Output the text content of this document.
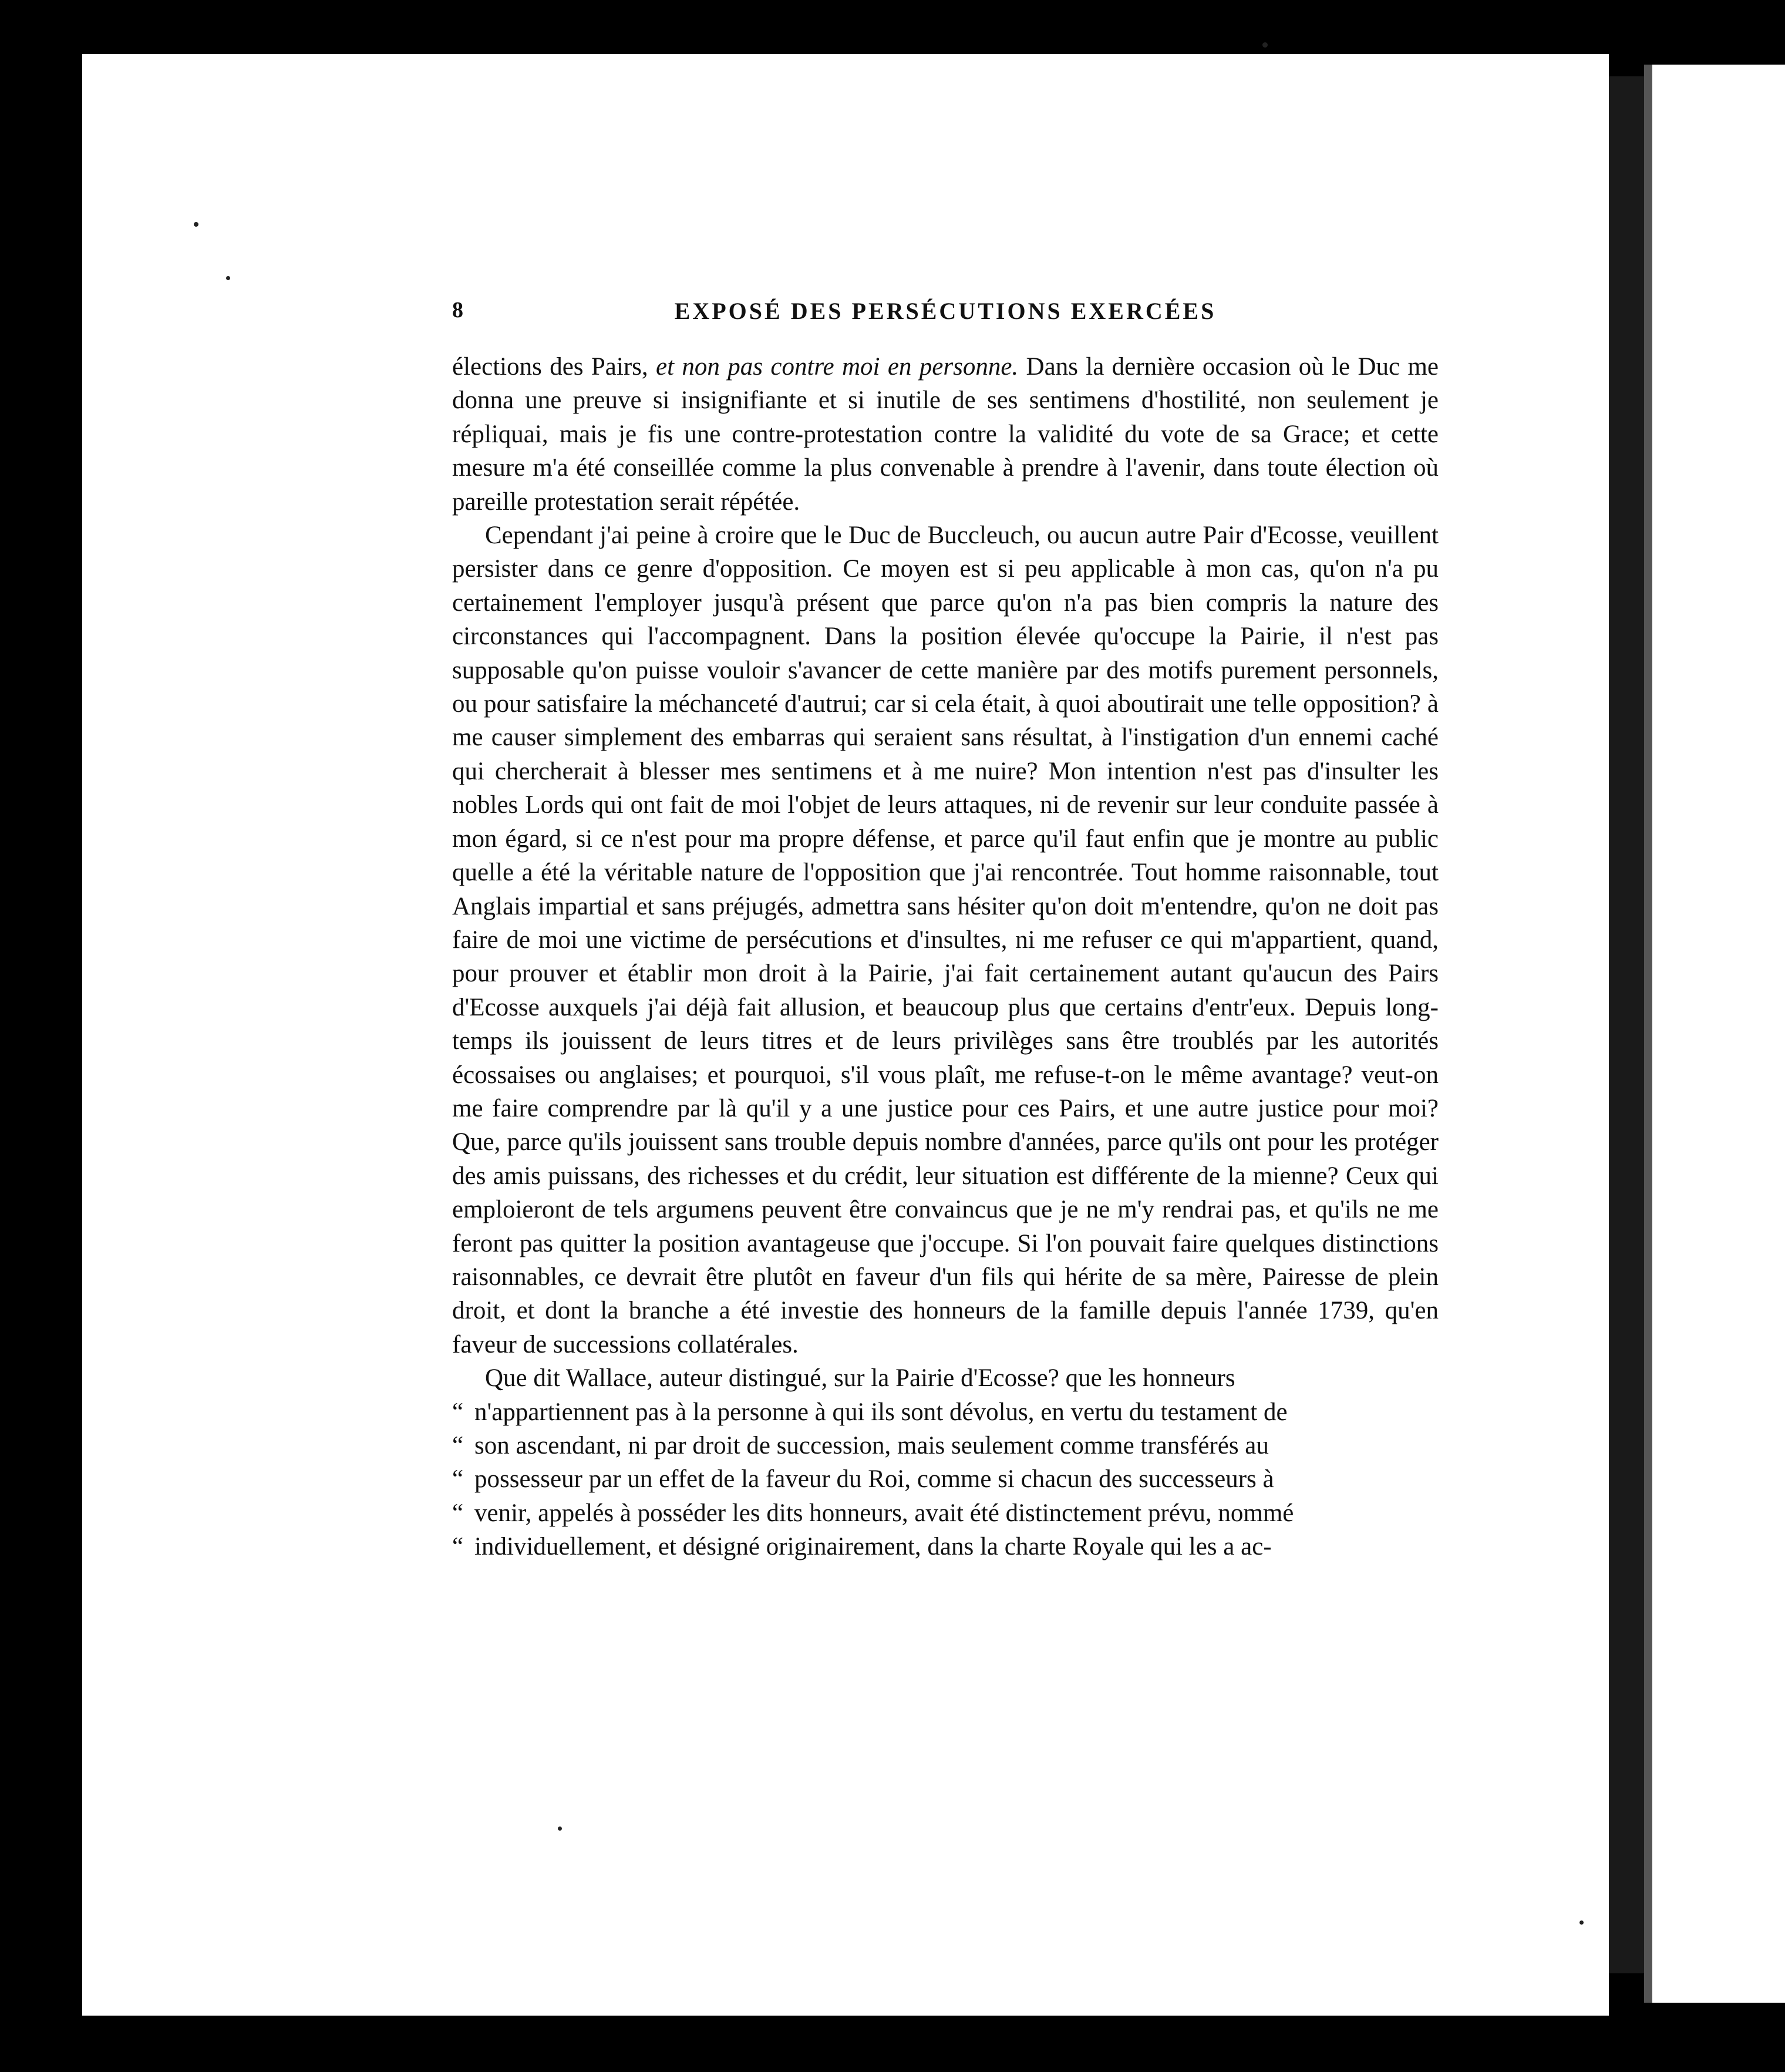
8	EXPOSÉ DES PERSÉCUTIONS EXERCÉES

élections des Pairs, et non pas contre moi en personne. Dans la dernière occasion où le Duc me donna une preuve si insignifiante et si inutile de ses sentimens d'hostilité, non seulement je répliquai, mais je fis une contre-protestation contre la validité du vote de sa Grace; et cette mesure m'a été conseillée comme la plus convenable à prendre à l'avenir, dans toute élection où pareille protestation serait répétée.

Cependant j'ai peine à croire que le Duc de Buccleuch, ou aucun autre Pair d'Ecosse, veuillent persister dans ce genre d'opposition. Ce moyen est si peu applicable à mon cas, qu'on n'a pu certainement l'employer jusqu'à présent que parce qu'on n'a pas bien compris la nature des circonstances qui l'accompagnent. Dans la position élevée qu'occupe la Pairie, il n'est pas supposable qu'on puisse vouloir s'avancer de cette manière par des motifs purement personnels, ou pour satisfaire la méchanceté d'autrui; car si cela était, à quoi aboutirait une telle opposition? à me causer simplement des embarras qui seraient sans résultat, à l'instigation d'un ennemi caché qui chercherait à blesser mes sentimens et à me nuire? Mon intention n'est pas d'insulter les nobles Lords qui ont fait de moi l'objet de leurs attaques, ni de revenir sur leur conduite passée à mon égard, si ce n'est pour ma propre défense, et parce qu'il faut enfin que je montre au public quelle a été la véritable nature de l'opposition que j'ai rencontrée. Tout homme raisonnable, tout Anglais impartial et sans préjugés, admettra sans hésiter qu'on doit m'entendre, qu'on ne doit pas faire de moi une victime de persécutions et d'insultes, ni me refuser ce qui m'appartient, quand, pour prouver et établir mon droit à la Pairie, j'ai fait certainement autant qu'aucun des Pairs d'Ecosse auxquels j'ai déjà fait allusion, et beaucoup plus que certains d'entr'eux. Depuis long-temps ils jouissent de leurs titres et de leurs privilèges sans être troublés par les autorités écossaises ou anglaises; et pourquoi, s'il vous plaît, me refuse-t-on le même avantage? veut-on me faire comprendre par là qu'il y a une justice pour ces Pairs, et une autre justice pour moi? Que, parce qu'ils jouissent sans trouble depuis nombre d'années, parce qu'ils ont pour les protéger des amis puissans, des richesses et du crédit, leur situation est différente de la mienne? Ceux qui emploieront de tels argumens peuvent être convaincus que je ne m'y rendrai pas, et qu'ils ne me feront pas quitter la position avantageuse que j'occupe. Si l'on pouvait faire quelques distinctions raisonnables, ce devrait être plutôt en faveur d'un fils qui hérite de sa mère, Pairesse de plein droit, et dont la branche a été investie des honneurs de la famille depuis l'année 1739, qu'en faveur de successions collatérales.

Que dit Wallace, auteur distingué, sur la Pairie d'Ecosse? que les honneurs

“ n'appartiennent pas à la personne à qui ils sont dévolus, en vertu du testament de

“ son ascendant, ni par droit de succession, mais seulement comme transférés au

“ possesseur par un effet de la faveur du Roi, comme si chacun des successeurs à

“ venir, appelés à posséder les dits honneurs, avait été distinctement prévu, nommé

“ individuellement, et désigné originairement, dans la charte Royale qui les a ac-
